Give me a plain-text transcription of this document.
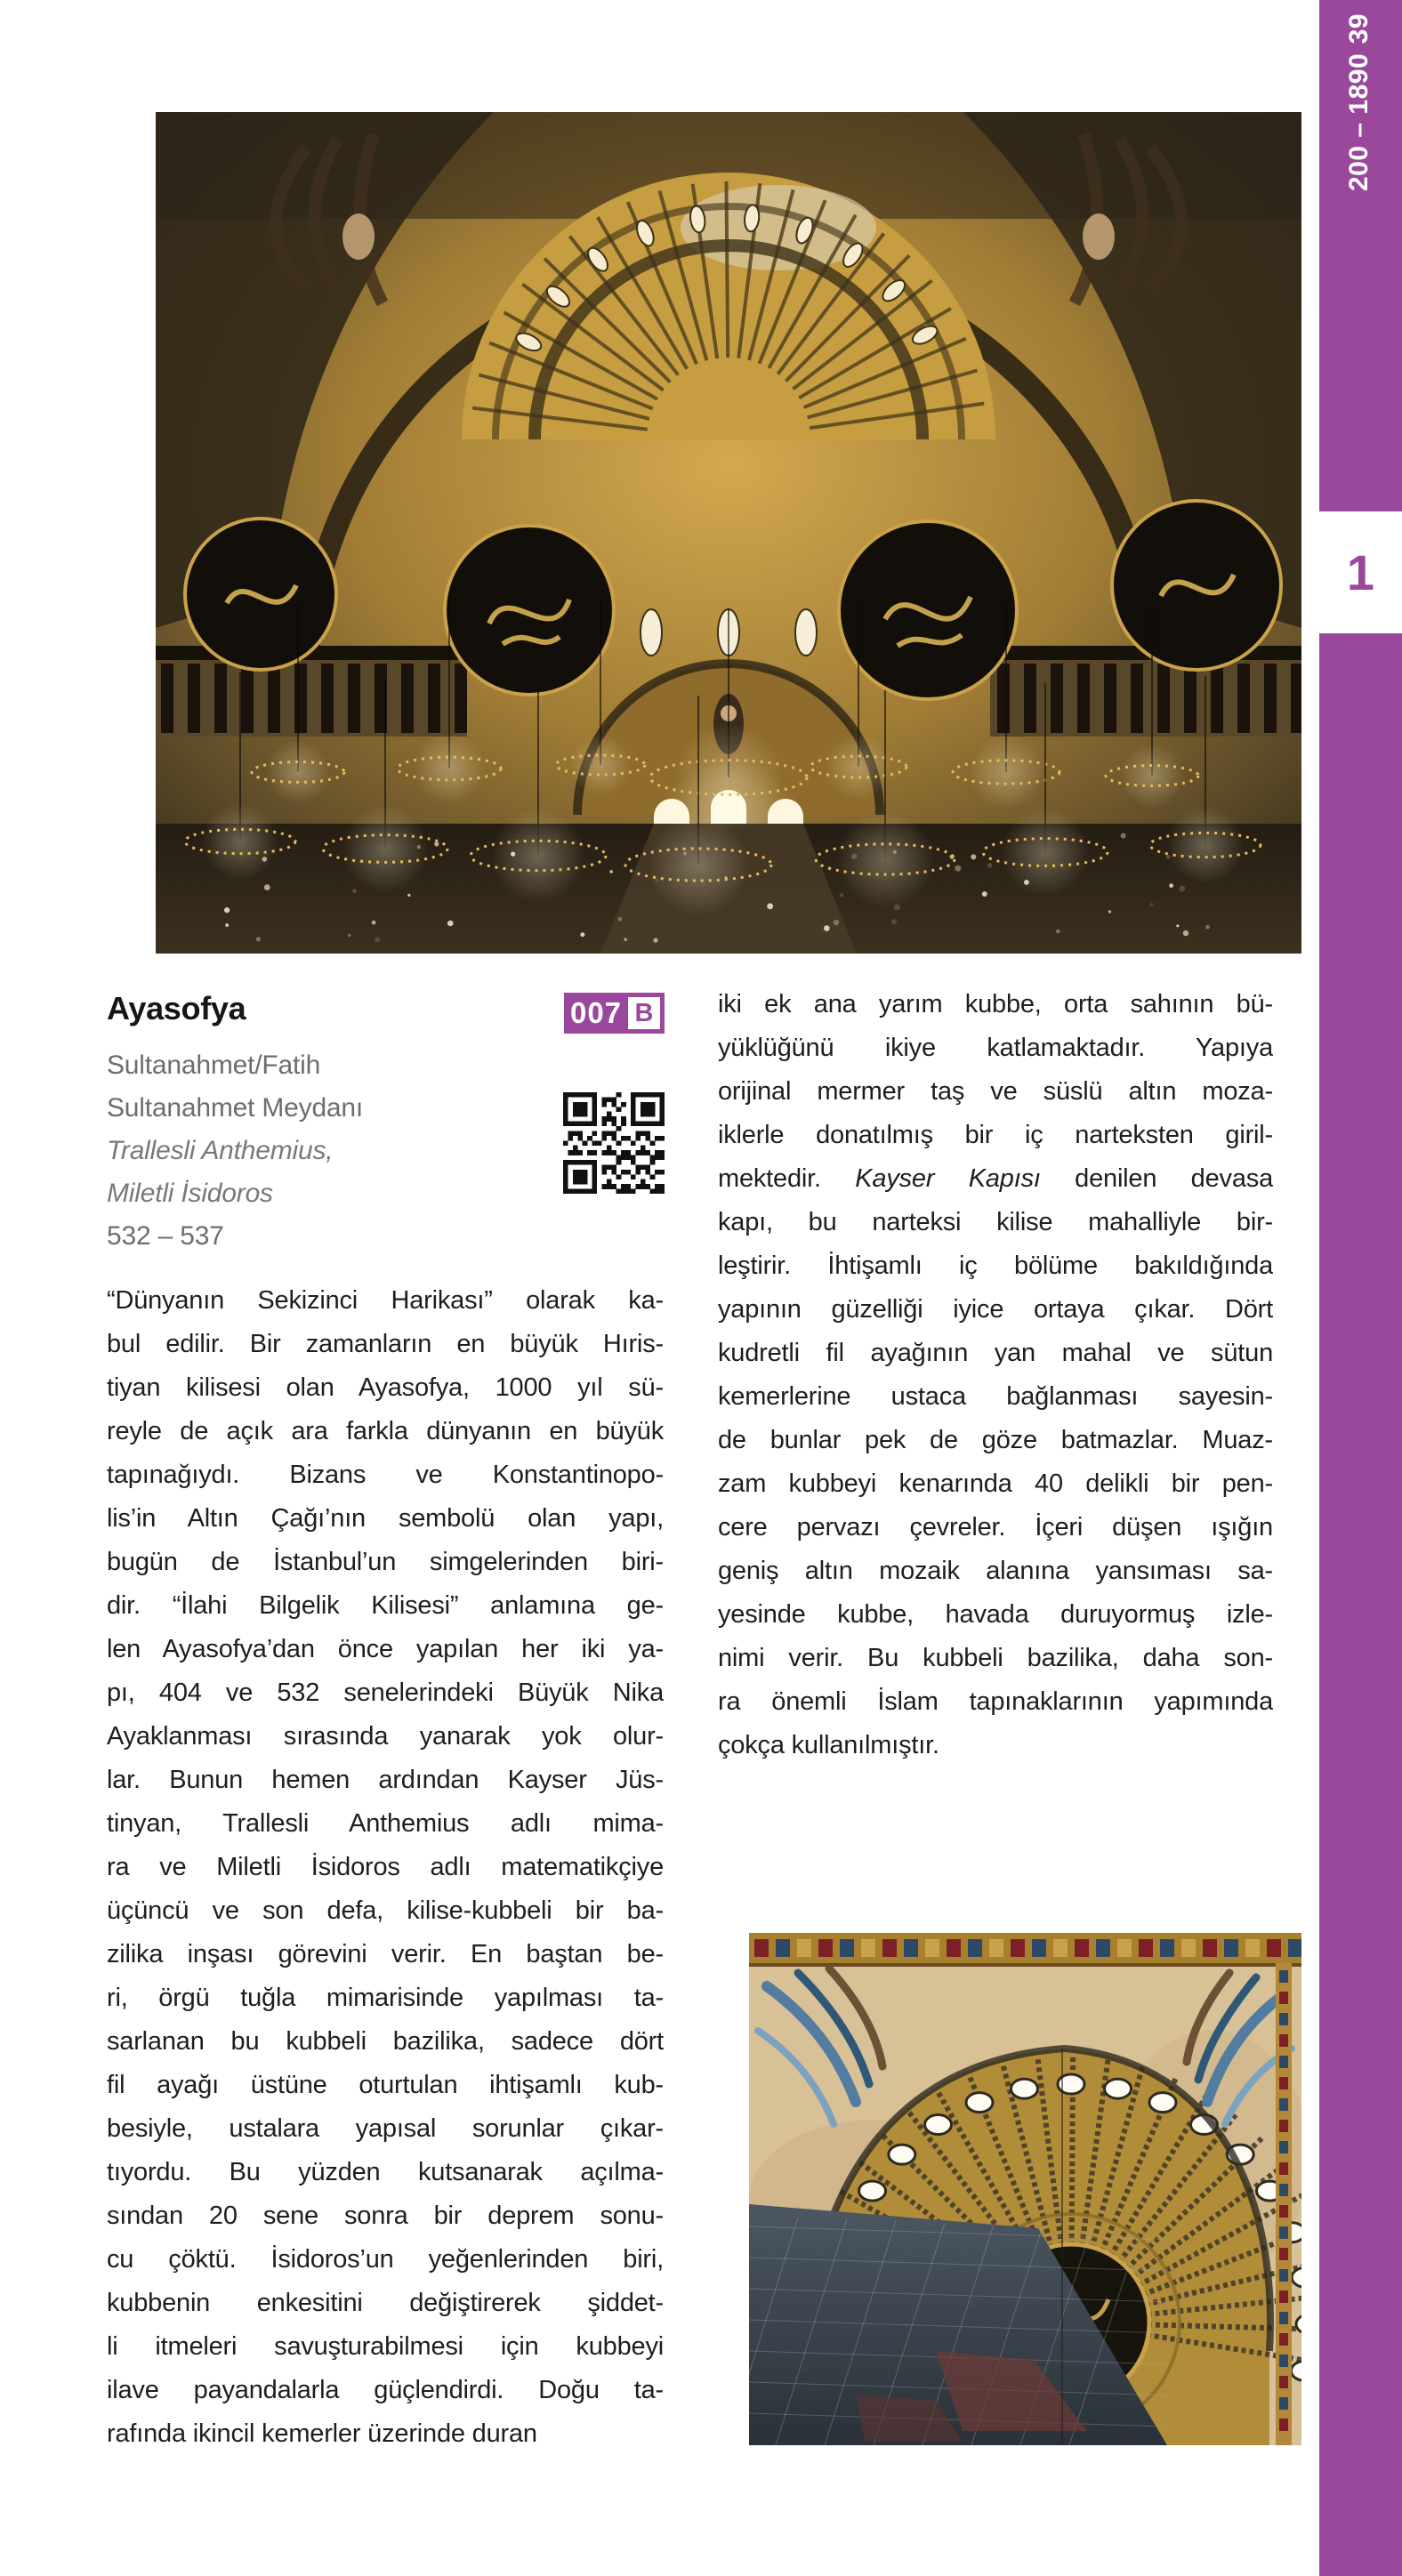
200 – 1890
39
1
Ayasofya
Sultanahmet/Fatih
Sultanahmet Meydanı
Trallesli Anthemius,
Miletli İsidoros
532 – 537
007 B
“Dünyanın Sekizinci Harikası” olarak ka-
bul edilir. Bir zamanların en büyük Hıris-
tiyan kilisesi olan Ayasofya, 1000 yıl sü-
reyle de açık ara farkla dünyanın en büyük
tapınağıydı. Bizans ve Konstantinopo-
lis’in Altın Çağı’nın sembolü olan yapı,
bugün de İstanbul’un simgelerinden biri-
dir. “İlahi Bilgelik Kilisesi” anlamına ge-
len Ayasofya’dan önce yapılan her iki ya-
pı, 404 ve 532 senelerindeki Büyük Nika
Ayaklanması sırasında yanarak yok olur-
lar. Bunun hemen ardından Kayser Jüs-
tinyan, Trallesli Anthemius adlı mima-
ra ve Miletli İsidoros adlı matematikçiye
üçüncü ve son defa, kilise-kubbeli bir ba-
zilika inşası görevini verir. En baştan be-
ri, örgü tuğla mimarisinde yapılması ta-
sarlanan bu kubbeli bazilika, sadece dört
fil ayağı üstüne oturtulan ihtişamlı kub-
besiyle, ustalara yapısal sorunlar çıkar-
tıyordu. Bu yüzden kutsanarak açılma-
sından 20 sene sonra bir deprem sonu-
cu çöktü. İsidoros’un yeğenlerinden biri,
kubbenin enkesitini değiştirerek şiddet-
li itmeleri savuşturabilmesi için kubbeyi
ilave payandalarla güçlendirdi. Doğu ta-
rafında ikincil kemerler üzerinde duran
iki ek ana yarım kubbe, orta sahının bü-
yüklüğünü ikiye katlamaktadır. Yapıya
orijinal mermer taş ve süslü altın moza-
iklerle donatılmış bir iç narteksten giril-
mektedir. Kayser Kapısı denilen devasa
kapı, bu narteksi kilise mahalliyle bir-
leştirir. İhtişamlı iç bölüme bakıldığında
yapının güzelliği iyice ortaya çıkar. Dört
kudretli fil ayağının yan mahal ve sütun
kemerlerine ustaca bağlanması sayesin-
de bunlar pek de göze batmazlar. Muaz-
zam kubbeyi kenarında 40 delikli bir pen-
cere pervazı çevreler. İçeri düşen ışığın
geniş altın mozaik alanına yansıması sa-
yesinde kubbe, havada duruyormuş izle-
nimi verir. Bu kubbeli bazilika, daha son-
ra önemli İslam tapınaklarının yapımında
çokça kullanılmıştır.
